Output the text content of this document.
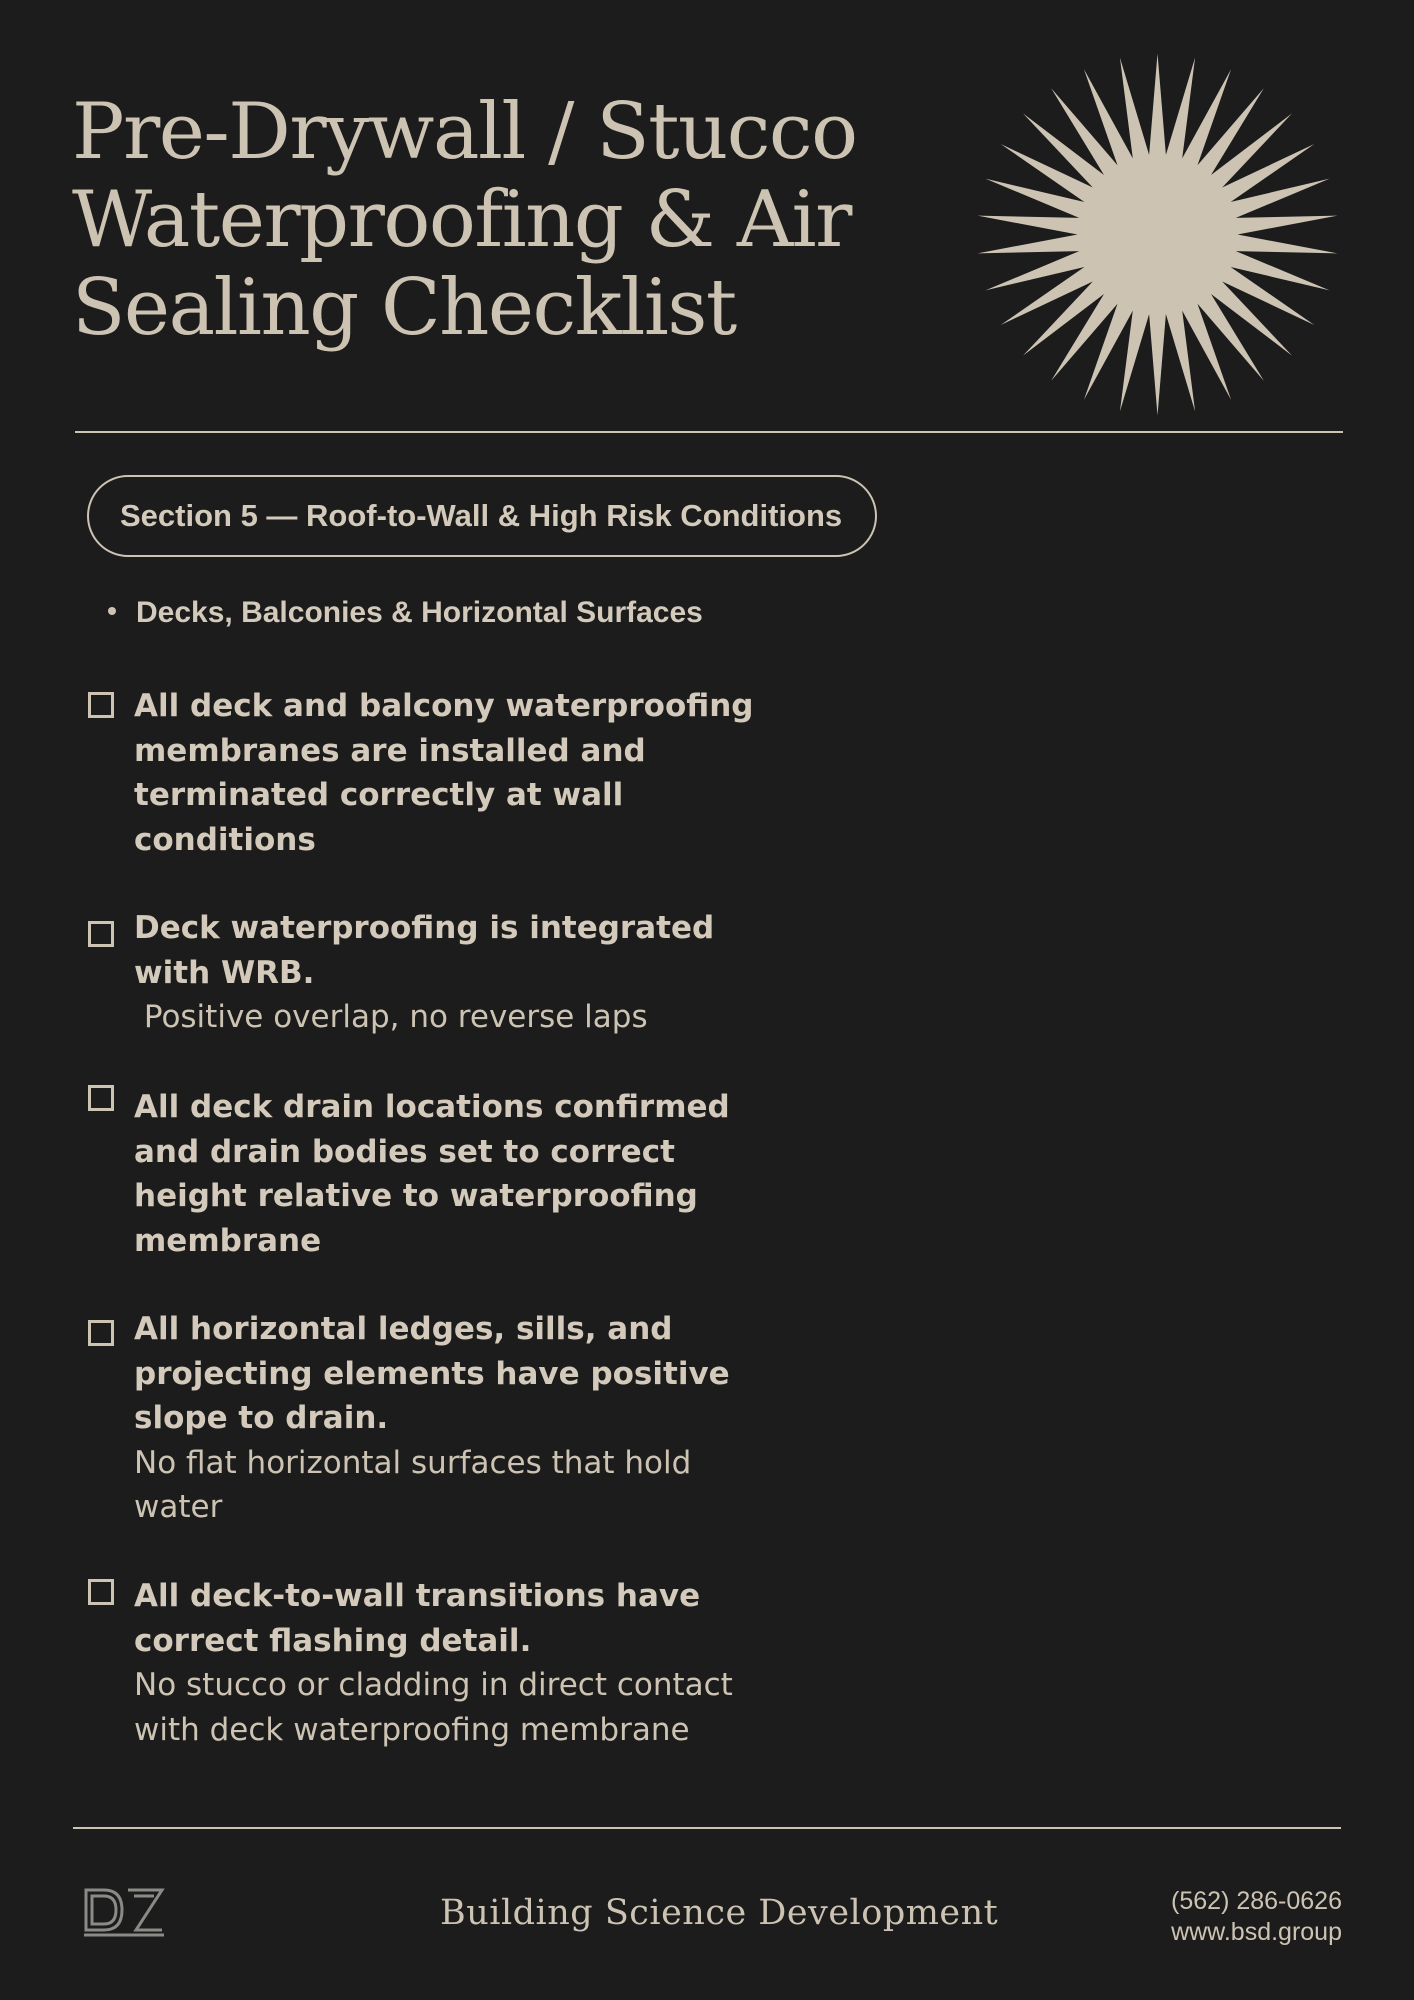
Pre-Drywall / Stucco
Waterproofing & Air
Sealing Checklist
Section 5 — Roof-to-Wall & High Risk Conditions
Decks, Balconies & Horizontal Surfaces
All deck and balcony waterproofing membranes are installed and terminated correctly at wall conditions
Deck waterproofing is integrated with WRB.
Positive overlap, no reverse laps
All deck drain locations confirmed and drain bodies set to correct height relative to waterproofing membrane
All horizontal ledges, sills, and projecting elements have positive slope to drain.
No flat horizontal surfaces that hold water
All deck-to-wall transitions have correct flashing detail.
No stucco or cladding in direct contact with deck waterproofing membrane
Building Science Development	(562) 286-0626
www.bsd.group
